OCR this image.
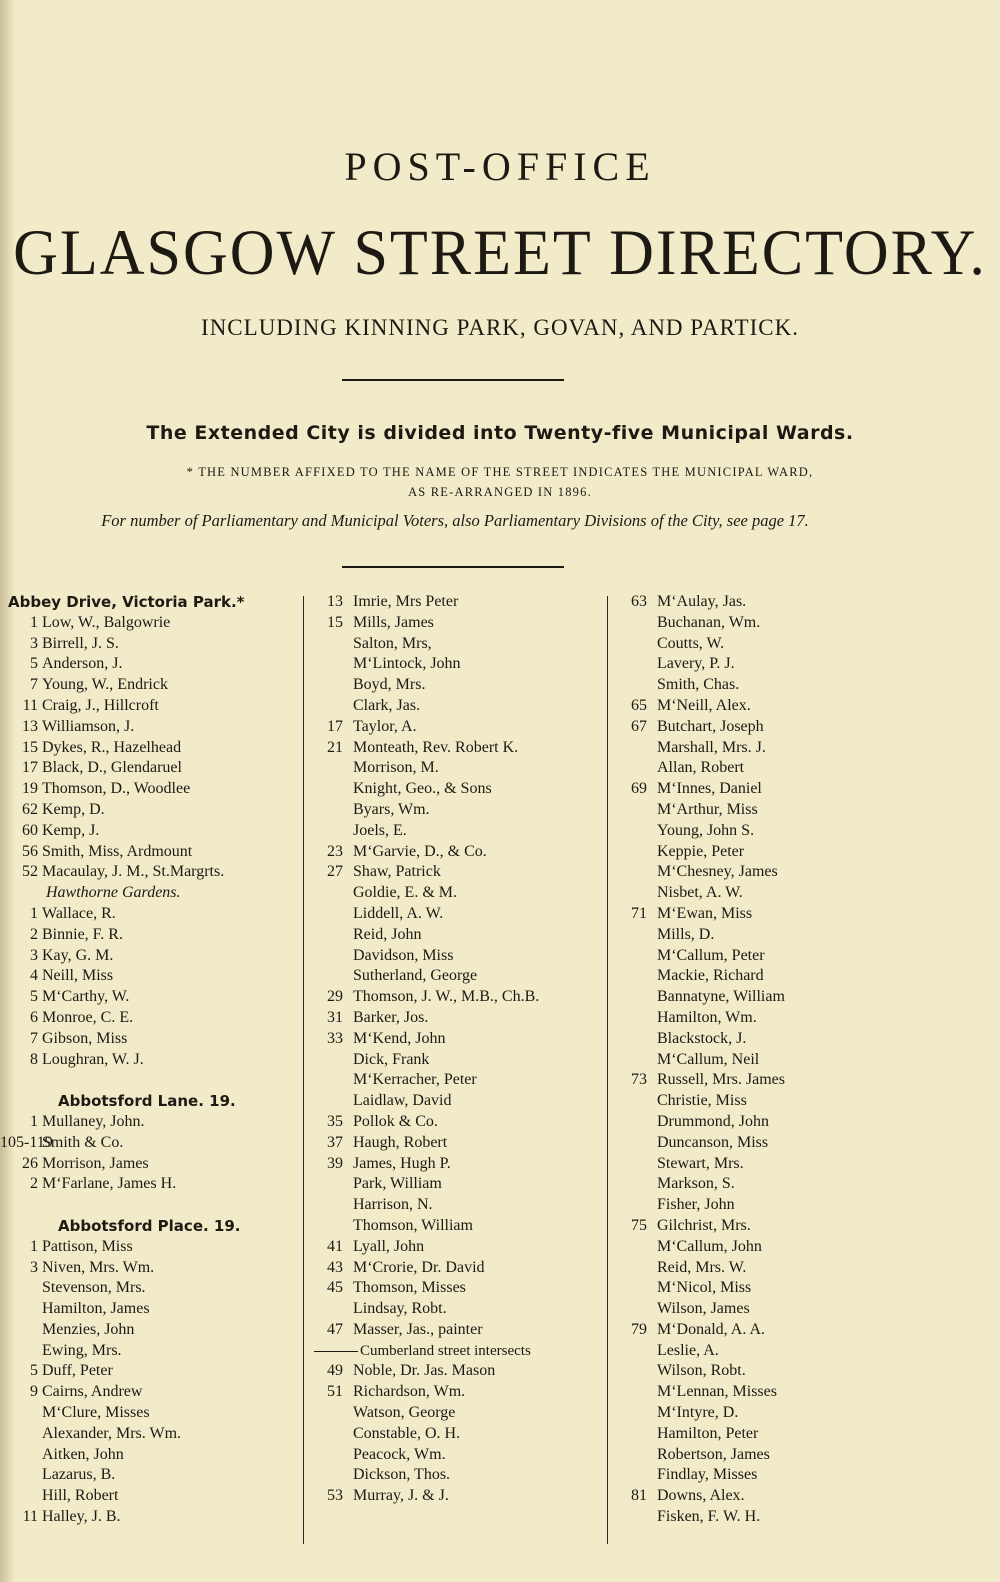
POST-OFFICE
GLASGOW STREET DIRECTORY.
INCLUDING KINNING PARK, GOVAN, AND PARTICK.
The Extended City is divided into Twenty-five Municipal Wards.
* THE NUMBER AFFIXED TO THE NAME OF THE STREET INDICATES THE MUNICIPAL WARD,
AS RE-ARRANGED IN 1896.
For number of Parliamentary and Municipal Voters, also Parliamentary Divisions of the City, see page 17.
Abbey Drive, Victoria Park.*
1 Low, W., Balgowrie
3 Birrell, J. S.
5 Anderson, J.
7 Young, W., Endrick
11 Craig, J., Hillcroft
13 Williamson, J.
15 Dykes, R., Hazelhead
17 Black, D., Glendaruel
19 Thomson, D., Woodlee
62 Kemp, D.
60 Kemp, J.
56 Smith, Miss, Ardmount
52 Macaulay, J. M., St.Margrts.
Hawthorne Gardens.
1 Wallace, R.
2 Binnie, F. R.
3 Kay, G. M.
4 Neill, Miss
5 M‘Carthy, W.
6 Monroe, C. E.
7 Gibson, Miss
8 Loughran, W. J.
Abbotsford Lane. 19.
1 Mullaney, John.
105-119
Smith & Co.
26 Morrison, James
2 M‘Farlane, James H.
Abbotsford Place. 19.
1 Pattison, Miss
3 Niven, Mrs. Wm.
Stevenson, Mrs.
Hamilton, James
Menzies, John
Ewing, Mrs.
5 Duff, Peter
9 Cairns, Andrew
M‘Clure, Misses
Alexander, Mrs. Wm.
Aitken, John
Lazarus, B.
Hill, Robert
11 Halley, J. B.
13 Imrie, Mrs Peter
15 Mills, James
Salton, Mrs,
M‘Lintock, John
Boyd, Mrs.
Clark, Jas.
17 Taylor, A.
21 Monteath, Rev. Robert K.
Morrison, M.
Knight, Geo., & Sons
Byars, Wm.
Joels, E.
23 M‘Garvie, D., & Co.
27 Shaw, Patrick
Goldie, E. & M.
Liddell, A. W.
Reid, John
Davidson, Miss
Sutherland, George
29 Thomson, J. W., M.B., Ch.B.
31 Barker, Jos.
33 M‘Kend, John
Dick, Frank
M‘Kerracher, Peter
Laidlaw, David
35 Pollok & Co.
37 Haugh, Robert
39 James, Hugh P.
Park, William
Harrison, N.
Thomson, William
41 Lyall, John
43 M‘Crorie, Dr. David
45 Thomson, Misses
Lindsay, Robt.
47 Masser, Jas., painter
Cumberland street intersects
49 Noble, Dr. Jas. Mason
51 Richardson, Wm.
Watson, George
Constable, O. H.
Peacock, Wm.
Dickson, Thos.
53 Murray, J. & J.
63 M‘Aulay, Jas.
Buchanan, Wm.
Coutts, W.
Lavery, P. J.
Smith, Chas.
65 M‘Neill, Alex.
67 Butchart, Joseph
Marshall, Mrs. J.
Allan, Robert
69 M‘Innes, Daniel
M‘Arthur, Miss
Young, John S.
Keppie, Peter
M‘Chesney, James
Nisbet, A. W.
71 M‘Ewan, Miss
Mills, D.
M‘Callum, Peter
Mackie, Richard
Bannatyne, William
Hamilton, Wm.
Blackstock, J.
M‘Callum, Neil
73 Russell, Mrs. James
Christie, Miss
Drummond, John
Duncanson, Miss
Stewart, Mrs.
Markson, S.
Fisher, John
75 Gilchrist, Mrs.
M‘Callum, John
Reid, Mrs. W.
M‘Nicol, Miss
Wilson, James
79 M‘Donald, A. A.
Leslie, A.
Wilson, Robt.
M‘Lennan, Misses
M‘Intyre, D.
Hamilton, Peter
Robertson, James
Findlay, Misses
81 Downs, Alex.
Fisken, F. W. H.
